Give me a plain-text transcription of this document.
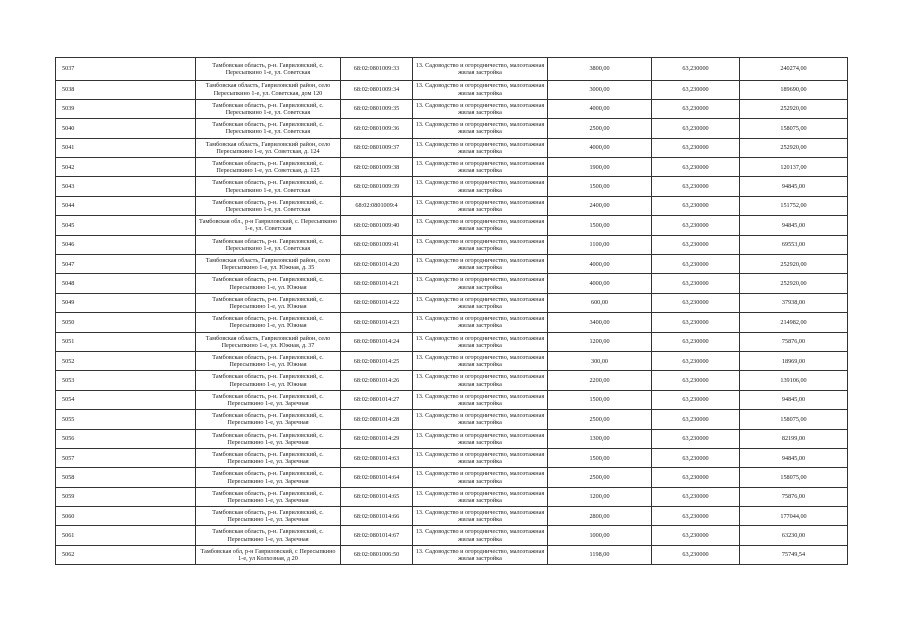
5037	Тамбовская область, р-н. Гавриловский, с. Пересыпкино 1-е, ул. Советская	68:02:0801009:33	13. Садоводство и огородничество, малоэтажная жилая застройка	3800,00	63,230000	240274,00
5038	Тамбовская область, Гавриловский район, село Пересыпкино 1-е, ул. Советская, дом 120	68:02:0801009:34	13. Садоводство и огородничество, малоэтажная жилая застройка	3000,00	63,230000	189690,00
5039	Тамбовская область, р-н. Гавриловский, с. Пересыпкино 1-е, ул. Советская	68:02:0801009:35	13. Садоводство и огородничество, малоэтажная жилая застройка	4000,00	63,230000	252920,00
5040	Тамбовская область, р-н. Гавриловский, с. Пересыпкино 1-е, ул. Советская	68:02:0801009:36	13. Садоводство и огородничество, малоэтажная жилая застройка	2500,00	63,230000	158075,00
5041	Тамбовская область, Гавриловский район, село Пересыпкино 1-е, ул. Советская, д. 124	68:02:0801009:37	13. Садоводство и огородничество, малоэтажная жилая застройка	4000,00	63,230000	252920,00
5042	Тамбовская область, р-н. Гавриловский, с. Пересыпкино 1-е, ул. Советская, д. 125	68:02:0801009:38	13. Садоводство и огородничество, малоэтажная жилая застройка	1900,00	63,230000	120137,00
5043	Тамбовская область, р-н. Гавриловский, с. Пересыпкино 1-е, ул. Советская	68:02:0801009:39	13. Садоводство и огородничество, малоэтажная жилая застройка	1500,00	63,230000	94845,00
5044	Тамбовская область, р-н. Гавриловский, с. Пересыпкино 1-е, ул. Советская	68:02:0801009:4	13. Садоводство и огородничество, малоэтажная жилая застройка	2400,00	63,230000	151752,00
5045	Тамбовская обл., р-н Гавриловский, с. Пересыпкино 1-е, ул. Советская	68:02:0801009:40	13. Садоводство и огородничество, малоэтажная жилая застройка	1500,00	63,230000	94845,00
5046	Тамбовская область, р-н. Гавриловский, с. Пересыпкино 1-е, ул. Советская	68:02:0801009:41	13. Садоводство и огородничество, малоэтажная жилая застройка	1100,00	63,230000	69553,00
5047	Тамбовская область, Гавриловский район, село Пересыпкино 1-е, ул. Южная, д. 35	68:02:0801014:20	13. Садоводство и огородничество, малоэтажная жилая застройка	4000,00	63,230000	252920,00
5048	Тамбовская область, р-н. Гавриловский, с. Пересыпкино 1-е, ул. Южная	68:02:0801014:21	13. Садоводство и огородничество, малоэтажная жилая застройка	4000,00	63,230000	252920,00
5049	Тамбовская область, р-н. Гавриловский, с. Пересыпкино 1-е, ул. Южная	68:02:0801014:22	13. Садоводство и огородничество, малоэтажная жилая застройка	600,00	63,230000	37938,00
5050	Тамбовская область, р-н. Гавриловский, с. Пересыпкино 1-е, ул. Южная	68:02:0801014:23	13. Садоводство и огородничество, малоэтажная жилая застройка	3400,00	63,230000	214982,00
5051	Тамбовская область, Гавриловский район, село Пересыпкино 1-е, ул. Южная, д. 37	68:02:0801014:24	13. Садоводство и огородничество, малоэтажная жилая застройка	1200,00	63,230000	75876,00
5052	Тамбовская область, р-н. Гавриловский, с. Пересыпкино 1-е, ул. Южная	68:02:0801014:25	13. Садоводство и огородничество, малоэтажная жилая застройка	300,00	63,230000	18969,00
5053	Тамбовская область, р-н. Гавриловский, с. Пересыпкино 1-е, ул. Южная	68:02:0801014:26	13. Садоводство и огородничество, малоэтажная жилая застройка	2200,00	63,230000	139106,00
5054	Тамбовская область, р-н. Гавриловский, с. Пересыпкино 1-е, ул. Заречная	68:02:0801014:27	13. Садоводство и огородничество, малоэтажная жилая застройка	1500,00	63,230000	94845,00
5055	Тамбовская область, р-н. Гавриловский, с. Пересыпкино 1-е, ул. Заречная	68:02:0801014:28	13. Садоводство и огородничество, малоэтажная жилая застройка	2500,00	63,230000	158075,00
5056	Тамбовская область, р-н. Гавриловский, с. Пересыпкино 1-е, ул. Заречная	68:02:0801014:29	13. Садоводство и огородничество, малоэтажная жилая застройка	1300,00	63,230000	82199,00
5057	Тамбовская область, р-н. Гавриловский, с. Пересыпкино 1-е, ул. Заречная	68:02:0801014:63	13. Садоводство и огородничество, малоэтажная жилая застройка	1500,00	63,230000	94845,00
5058	Тамбовская область, р-н. Гавриловский, с. Пересыпкино 1-е, ул. Заречная	68:02:0801014:64	13. Садоводство и огородничество, малоэтажная жилая застройка	2500,00	63,230000	158075,00
5059	Тамбовская область, р-н. Гавриловский, с. Пересыпкино 1-е, ул. Заречная	68:02:0801014:65	13. Садоводство и огородничество, малоэтажная жилая застройка	1200,00	63,230000	75876,00
5060	Тамбовская область, р-н. Гавриловский, с. Пересыпкино 1-е, ул. Заречная	68:02:0801014:66	13. Садоводство и огородничество, малоэтажная жилая застройка	2800,00	63,230000	177044,00
5061	Тамбовская область, р-н. Гавриловский, с. Пересыпкино 1-е, ул. Заречная	68:02:0801014:67	13. Садоводство и огородничество, малоэтажная жилая застройка	1000,00	63,230000	63230,00
5062	Тамбовская обл, р-н Гавриловский, с Пересыпкино 1-е, ул Колхозная, д 20	68:02:0801006:50	13. Садоводство и огородничество, малоэтажная жилая застройка	1198,00	63,230000	75749,54
